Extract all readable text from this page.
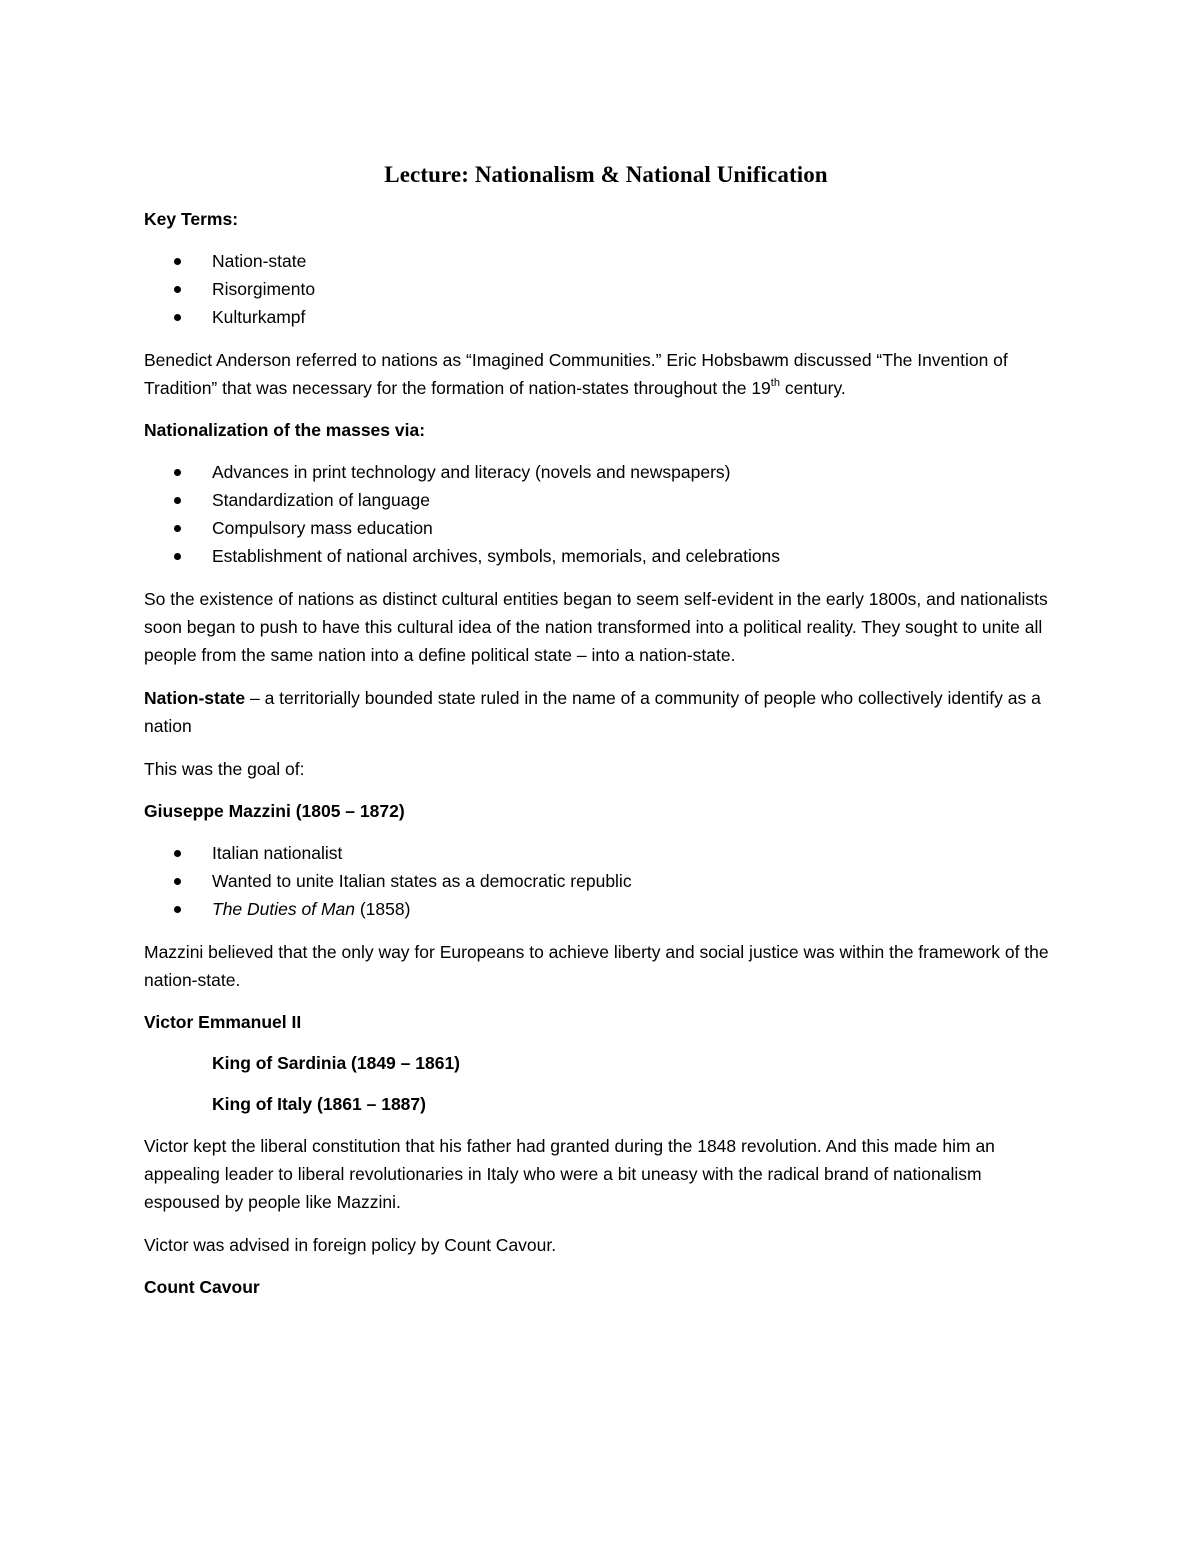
Lecture: Nationalism & National Unification
Key Terms:
Nation-state
Risorgimento
Kulturkampf

Benedict Anderson referred to nations as “Imagined Communities.” Eric Hobsbawm discussed “The Invention of Tradition” that was necessary for the formation of nation-states throughout the 19th century.

Nationalization of the masses via:
Advances in print technology and literacy (novels and newspapers)
Standardization of language
Compulsory mass education
Establishment of national archives, symbols, memorials, and celebrations

So the existence of nations as distinct cultural entities began to seem self-evident in the early 1800s, and nationalists soon began to push to have this cultural idea of the nation transformed into a political reality. They sought to unite all people from the same nation into a define political state – into a nation-state.

Nation-state – a territorially bounded state ruled in the name of a community of people who collectively identify as a nation

This was the goal of:

Giuseppe Mazzini (1805 – 1872)
Italian nationalist
Wanted to unite Italian states as a democratic republic
The Duties of Man (1858)

Mazzini believed that the only way for Europeans to achieve liberty and social justice was within the framework of the nation-state.

Victor Emmanuel II
King of Sardinia (1849 – 1861)
King of Italy (1861 – 1887)

Victor kept the liberal constitution that his father had granted during the 1848 revolution. And this made him an appealing leader to liberal revolutionaries in Italy who were a bit uneasy with the radical brand of nationalism espoused by people like Mazzini.

Victor was advised in foreign policy by Count Cavour.

Count Cavour
